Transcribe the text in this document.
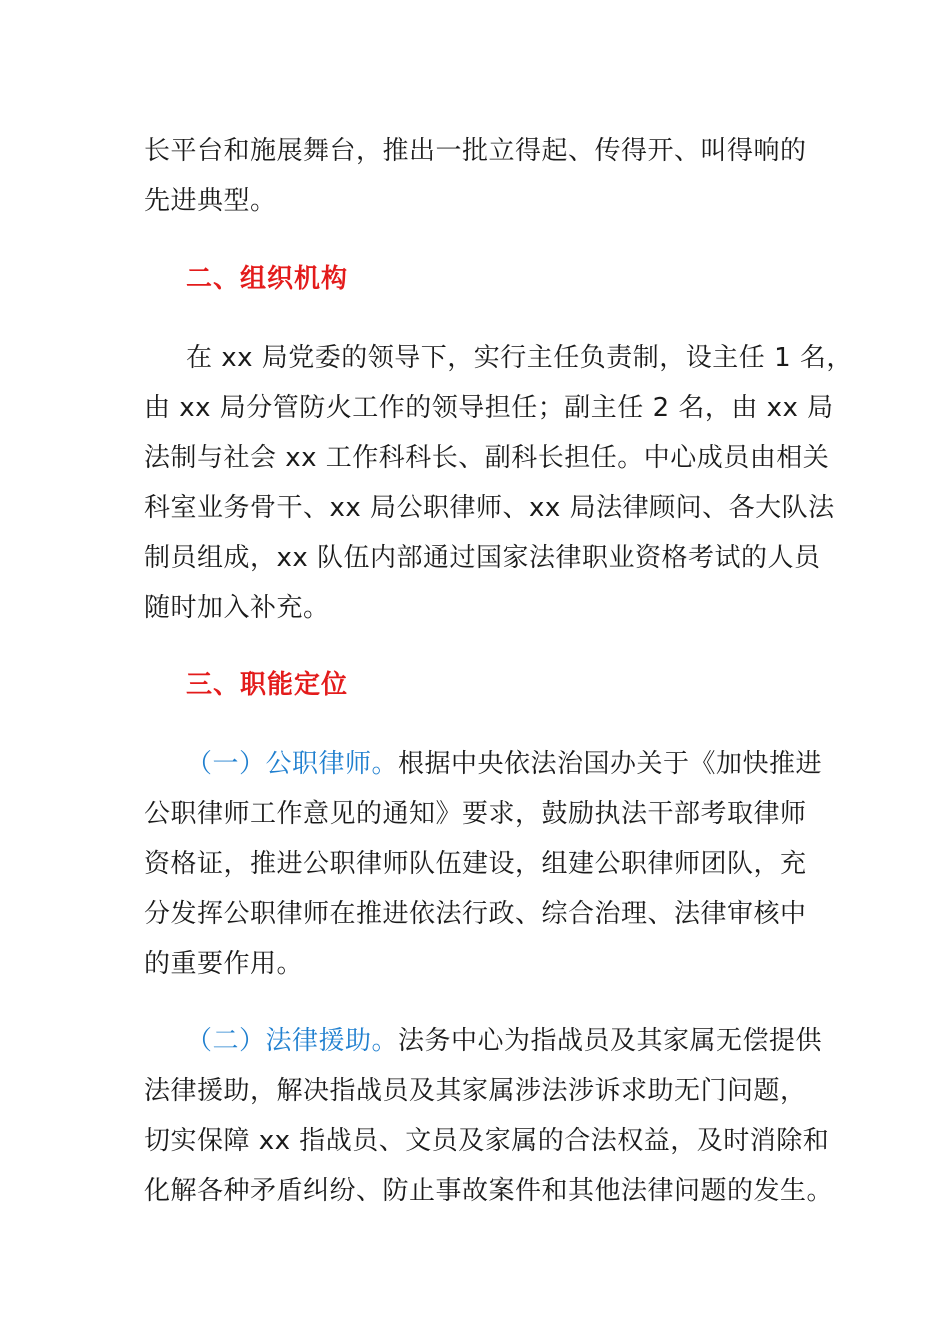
长平台和施展舞台，推出一批立得起、传得开、叫得响的
先进典型。

二、组织机构

在 xx 局党委的领导下，实行主任负责制，设主任 1 名，
由 xx 局分管防火工作的领导担任；副主任 2 名，由 xx 局
法制与社会 xx 工作科科长、副科长担任。中心成员由相关
科室业务骨干、xx 局公职律师、xx 局法律顾问、各大队法
制员组成，xx 队伍内部通过国家法律职业资格考试的人员
随时加入补充。

三、职能定位

（一）公职律师。根据中央依法治国办关于《加快推进
公职律师工作意见的通知》要求，鼓励执法干部考取律师
资格证，推进公职律师队伍建设，组建公职律师团队，充
分发挥公职律师在推进依法行政、综合治理、法律审核中
的重要作用。

（二）法律援助。法务中心为指战员及其家属无偿提供
法律援助，解决指战员及其家属涉法涉诉求助无门问题，
切实保障 xx 指战员、文员及家属的合法权益，及时消除和
化解各种矛盾纠纷、防止事故案件和其他法律问题的发生。
